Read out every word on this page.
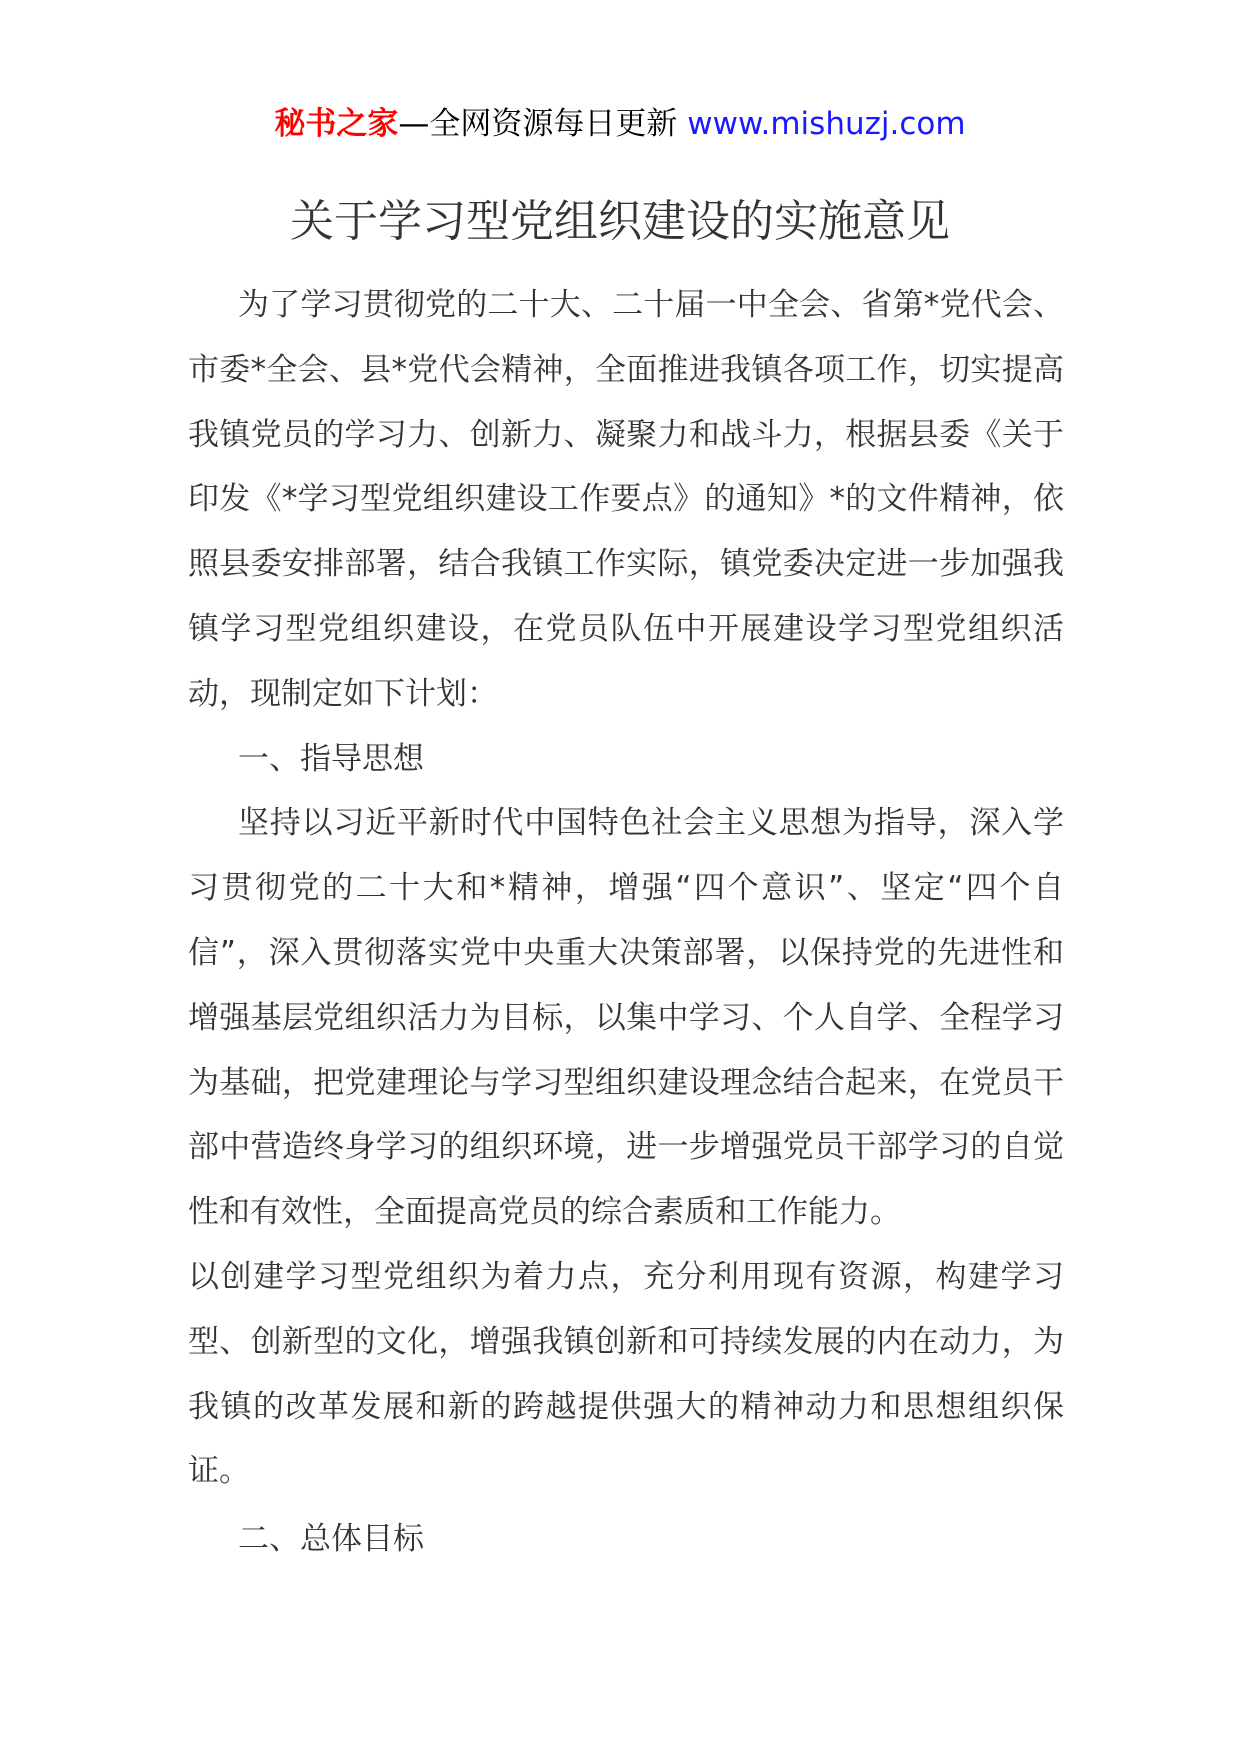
秘书之家—全网资源每日更新 www.mishuzj.com
关于学习型党组织建设的实施意见

为了学习贯彻党的二十大、二十届一中全会、省第*党代会、市委*全会、县*党代会精神，全面推进我镇各项工作，切实提高我镇党员的学习力、创新力、凝聚力和战斗力，根据县委《关于印发《*学习型党组织建设工作要点》的通知》*的文件精神，依照县委安排部署，结合我镇工作实际，镇党委决定进一步加强我镇学习型党组织建设，在党员队伍中开展建设学习型党组织活动，现制定如下计划：

一、指导思想

坚持以习近平新时代中国特色社会主义思想为指导，深入学习贯彻党的二十大和*精神，增强“四个意识”、坚定“四个自信”，深入贯彻落实党中央重大决策部署，以保持党的先进性和增强基层党组织活力为目标，以集中学习、个人自学、全程学习为基础，把党建理论与学习型组织建设理念结合起来，在党员干部中营造终身学习的组织环境，进一步增强党员干部学习的自觉性和有效性，全面提高党员的综合素质和工作能力。

以创建学习型党组织为着力点，充分利用现有资源，构建学习型、创新型的文化，增强我镇创新和可持续发展的内在动力，为我镇的改革发展和新的跨越提供强大的精神动力和思想组织保证。

二、总体目标
